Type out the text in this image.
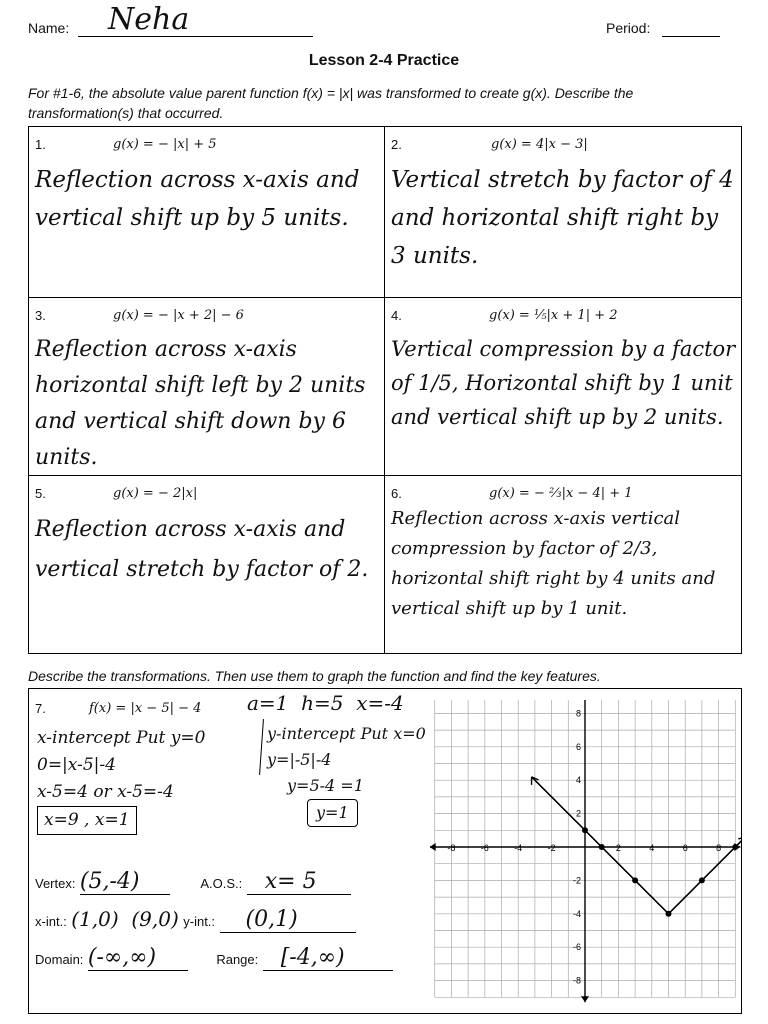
Name: Neha	Period:
Lesson 2-4 Practice
For #1-6, the absolute value parent function f(x) = |x| was transformed to create g(x). Describe the transformation(s) that occurred.
1.	g(x) = − |x| + 5
Reflection across x-axis and vertical shift up by 5 units.
2.	g(x) = 4|x − 3|
Vertical stretch by factor of 4 and horizontal shift right by 3 units.
3.	g(x) = − |x + 2| − 6
Reflection across x-axis horizontal shift left by 2 units and vertical shift down by 6 units.
4.	g(x) = ⅕|x + 1| + 2
Vertical compression by a factor of 1/5, Horizontal shift by 1 unit and vertical shift up by 2 units.
5.	g(x) = − 2|x|
Reflection across x-axis and vertical stretch by factor of 2.
6.	g(x) = − ⅔|x − 4| + 1
Reflection across x-axis vertical compression by factor of 2/3, horizontal shift right by 4 units and vertical shift up by 1 unit.
Describe the transformations. Then use them to graph the function and find the key features.
7.	f(x) = |x − 5| − 4 a=1  h=5  x=-4
x-intercept Put y=0
0=|x-5|-4
x-5=4 or x-5=-4
x=9 , x=1
y-intercept Put x=0
y=|-5|-4
y=5-4 =1
y=1
Vertex: (5,-4)	A.O.S.: x= 5
x-int.: (1,0)  (9,0) y-int.: (0,1)
Domain: (-∞,∞)	Range: [-4,∞)
-8	-6	-4	-2	2	4	6	8
8
6
4
2
-2
-4
-6
-8
